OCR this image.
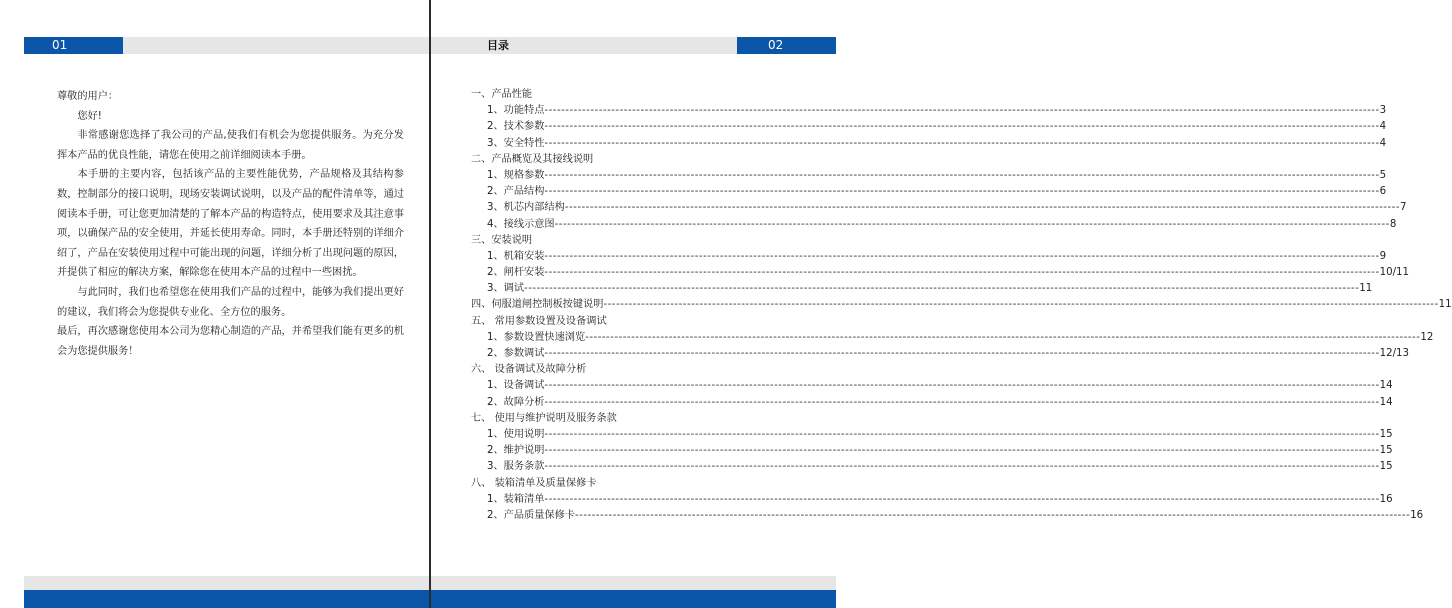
01

尊敬的用户：

您好!

非常感谢您选择了我公司的产品,使我们有机会为您提供服务。为充分发挥本产品的优良性能，请您在使用之前详细阅读本手册。

本手册的主要内容，包括该产品的主要性能优势，产品规格及其结构参数，控制部分的接口说明，现场安装调试说明，以及产品的配件清单等，通过阅读本手册，可让您更加清楚的了解本产品的构造特点，使用要求及其注意事项，以确保产品的安全使用，并延长使用寿命。同时，本手册还特别的详细介绍了，产品在安装使用过程中可能出现的问题，详细分析了出现问题的原因，并提供了相应的解决方案，解除您在使用本产品的过程中一些困扰。

与此同时，我们也希望您在使用我们产品的过程中，能够为我们提出更好的建议，我们将会为您提供专业化、全方位的服务。

最后，再次感谢您使用本公司为您精心制造的产品，并希望我们能有更多的机会为您提供服务！

目录	02
一、产品性能
1、功能特点 -------------------------------------------------------------------------------------------------------------------------------------------------------------------------------------------------------- 3
2、技术参数 -------------------------------------------------------------------------------------------------------------------------------------------------------------------------------------------------------- 4
3、安全特性 -------------------------------------------------------------------------------------------------------------------------------------------------------------------------------------------------------- 4
二、产品概览及其接线说明
1、规格参数 -------------------------------------------------------------------------------------------------------------------------------------------------------------------------------------------------------- 5
2、产品结构 -------------------------------------------------------------------------------------------------------------------------------------------------------------------------------------------------------- 6
3、机芯内部结构 -------------------------------------------------------------------------------------------------------------------------------------------------------------------------------------------------------- 7
4、接线示意图 -------------------------------------------------------------------------------------------------------------------------------------------------------------------------------------------------------- 8
三、安装说明
1、机箱安装 -------------------------------------------------------------------------------------------------------------------------------------------------------------------------------------------------------- 9
2、闸杆安装 -------------------------------------------------------------------------------------------------------------------------------------------------------------------------------------------------------- 10/11
3、调试 -------------------------------------------------------------------------------------------------------------------------------------------------------------------------------------------------------- 11
四、伺服道闸控制板按键说明 -------------------------------------------------------------------------------------------------------------------------------------------------------------------------------------------------------- 11
五、 常用参数设置及设备调试
1、参数设置快速浏览 -------------------------------------------------------------------------------------------------------------------------------------------------------------------------------------------------------- 12
2、参数调试 -------------------------------------------------------------------------------------------------------------------------------------------------------------------------------------------------------- 12/13
六、 设备调试及故障分析
1、设备调试 -------------------------------------------------------------------------------------------------------------------------------------------------------------------------------------------------------- 14
2、故障分析 -------------------------------------------------------------------------------------------------------------------------------------------------------------------------------------------------------- 14
七、 使用与维护说明及服务条款
1、使用说明 -------------------------------------------------------------------------------------------------------------------------------------------------------------------------------------------------------- 15
2、维护说明 -------------------------------------------------------------------------------------------------------------------------------------------------------------------------------------------------------- 15
3、服务条款 -------------------------------------------------------------------------------------------------------------------------------------------------------------------------------------------------------- 15
八、 装箱清单及质量保修卡
1、装箱清单 -------------------------------------------------------------------------------------------------------------------------------------------------------------------------------------------------------- 16
2、产品质量保修卡 -------------------------------------------------------------------------------------------------------------------------------------------------------------------------------------------------------- 16
